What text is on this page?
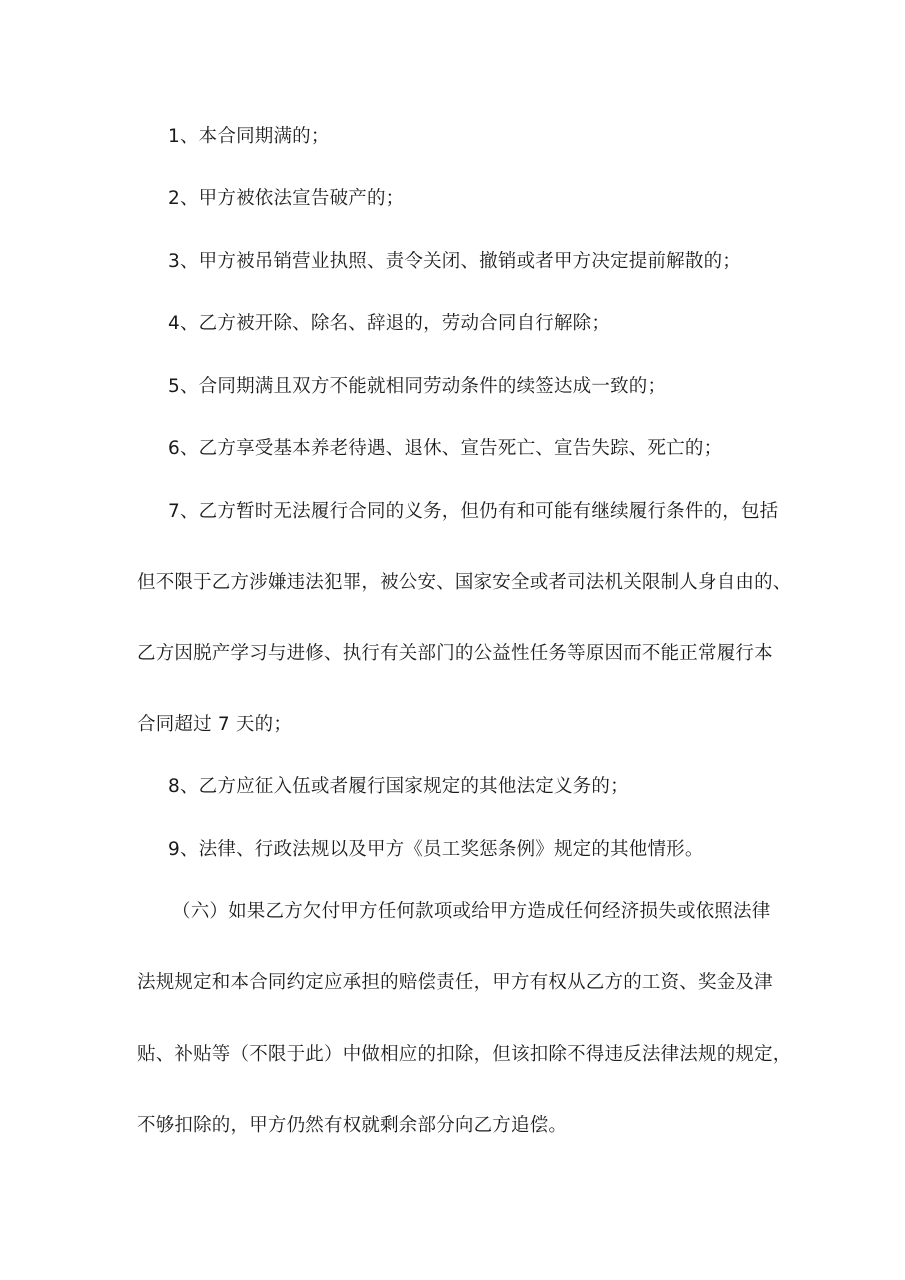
1、本合同期满的；
2、甲方被依法宣告破产的；
3、甲方被吊销营业执照、责令关闭、撤销或者甲方决定提前解散的；
4、乙方被开除、除名、辞退的，劳动合同自行解除；
5、合同期满且双方不能就相同劳动条件的续签达成一致的；
6、乙方享受基本养老待遇、退休、宣告死亡、宣告失踪、死亡的；
7、乙方暂时无法履行合同的义务，但仍有和可能有继续履行条件的，包括
但不限于乙方涉嫌违法犯罪，被公安、国家安全或者司法机关限制人身自由的、
乙方因脱产学习与进修、执行有关部门的公益性任务等原因而不能正常履行本
合同超过 7 天的；
8、乙方应征入伍或者履行国家规定的其他法定义务的；
9、法律、行政法规以及甲方《员工奖惩条例》规定的其他情形。
（六）如果乙方欠付甲方任何款项或给甲方造成任何经济损失或依照法律
法规规定和本合同约定应承担的赔偿责任，甲方有权从乙方的工资、奖金及津
贴、补贴等（不限于此）中做相应的扣除，但该扣除不得违反法律法规的规定，
不够扣除的，甲方仍然有权就剩余部分向乙方追偿。
